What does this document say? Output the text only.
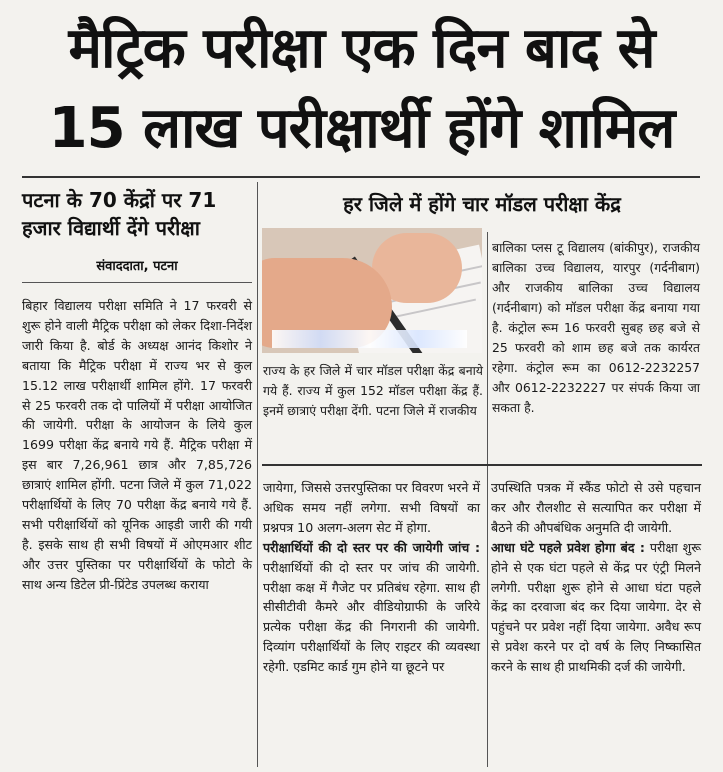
मैट्रिक परीक्षा एक दिन बाद से
15 लाख परीक्षार्थी होंगे शामिल
पटना के 70 केंद्रों पर 71 हजार विद्यार्थी देंगे परीक्षा
संवाददाता, पटना
बिहार विद्यालय परीक्षा समिति ने 17 फरवरी से शुरू होने वाली मैट्रिक परीक्षा को लेकर दिशा-निर्देश जारी किया है. बोर्ड के अध्यक्ष आनंद किशोर ने बताया कि मैट्रिक परीक्षा में राज्य भर से कुल 15.12 लाख परीक्षार्थी शामिल होंगे. 17 फरवरी से 25 फरवरी तक दो पालियों में परीक्षा आयोजित की जायेगी. परीक्षा के आयोजन के लिये कुल 1699 परीक्षा केंद्र बनाये गये हैं. मैट्रिक परीक्षा में इस बार 7,26,961 छात्र और 7,85,726 छात्राएं शामिल होंगी. पटना जिले में कुल 71,022 परीक्षार्थियों के लिए 70 परीक्षा केंद्र बनाये गये हैं. सभी परीक्षार्थियों को यूनिक आइडी जारी की गयी है. इसके साथ ही सभी विषयों में ओएमआर शीट और उत्तर पुस्तिका पर परीक्षार्थियों के फोटो के साथ अन्य डिटेल प्री-प्रिंटेड उपलब्ध कराया
हर जिले में होंगे चार मॉडल परीक्षा केंद्र
राज्य के हर जिले में चार मॉडल परीक्षा केंद्र बनाये गये हैं. राज्य में कुल 152 मॉडल परीक्षा केंद्र हैं. इनमें छात्राएं परीक्षा देंगी. पटना जिले में राजकीय
बालिका प्लस टू विद्यालय (बांकीपुर), राजकीय बालिका उच्च विद्यालय, यारपुर (गर्दनीबाग) और राजकीय बालिका उच्च विद्यालय (गर्दनीबाग) को मॉडल परीक्षा केंद्र बनाया गया है. कंट्रोल रूम 16 फरवरी सुबह छह बजे से 25 फरवरी को शाम छह बजे तक कार्यरत रहेगा. कंट्रोल रूम का 0612-2232257 और 0612-2232227 पर संपर्क किया जा सकता है.

जायेगा, जिससे उत्तरपुस्तिका पर विवरण भरने में अधिक समय नहीं लगेगा. सभी विषयों का प्रश्नपत्र 10 अलग-अलग सेट में होगा.

परीक्षार्थियों की दो स्तर पर की जायेगी जांच : परीक्षार्थियों की दो स्तर पर जांच की जायेगी. परीक्षा कक्ष में गैजेट पर प्रतिबंध रहेगा. साथ ही सीसीटीवी कैमरे और वीडियोग्राफी के जरिये प्रत्येक परीक्षा केंद्र की निगरानी की जायेगी. दिव्यांग परीक्षार्थियों के लिए राइटर की व्यवस्था रहेगी. एडमिट कार्ड गुम होने या छूटने पर

उपस्थिति पत्रक में स्कैंड फोटो से उसे पहचान कर और रौलशीट से सत्यापित कर परीक्षा में बैठने की औपबंधिक अनुमति दी जायेगी.

आधा घंटे पहले प्रवेश होगा बंद : परीक्षा शुरू होने से एक घंटा पहले से केंद्र पर एंट्री मिलने लगेगी. परीक्षा शुरू होने से आधा घंटा पहले केंद्र का दरवाजा बंद कर दिया जायेगा. देर से पहुंचने पर प्रवेश नहीं दिया जायेगा. अवैध रूप से प्रवेश करने पर दो वर्ष के लिए निष्कासित करने के साथ ही प्राथमिकी दर्ज की जायेगी.
